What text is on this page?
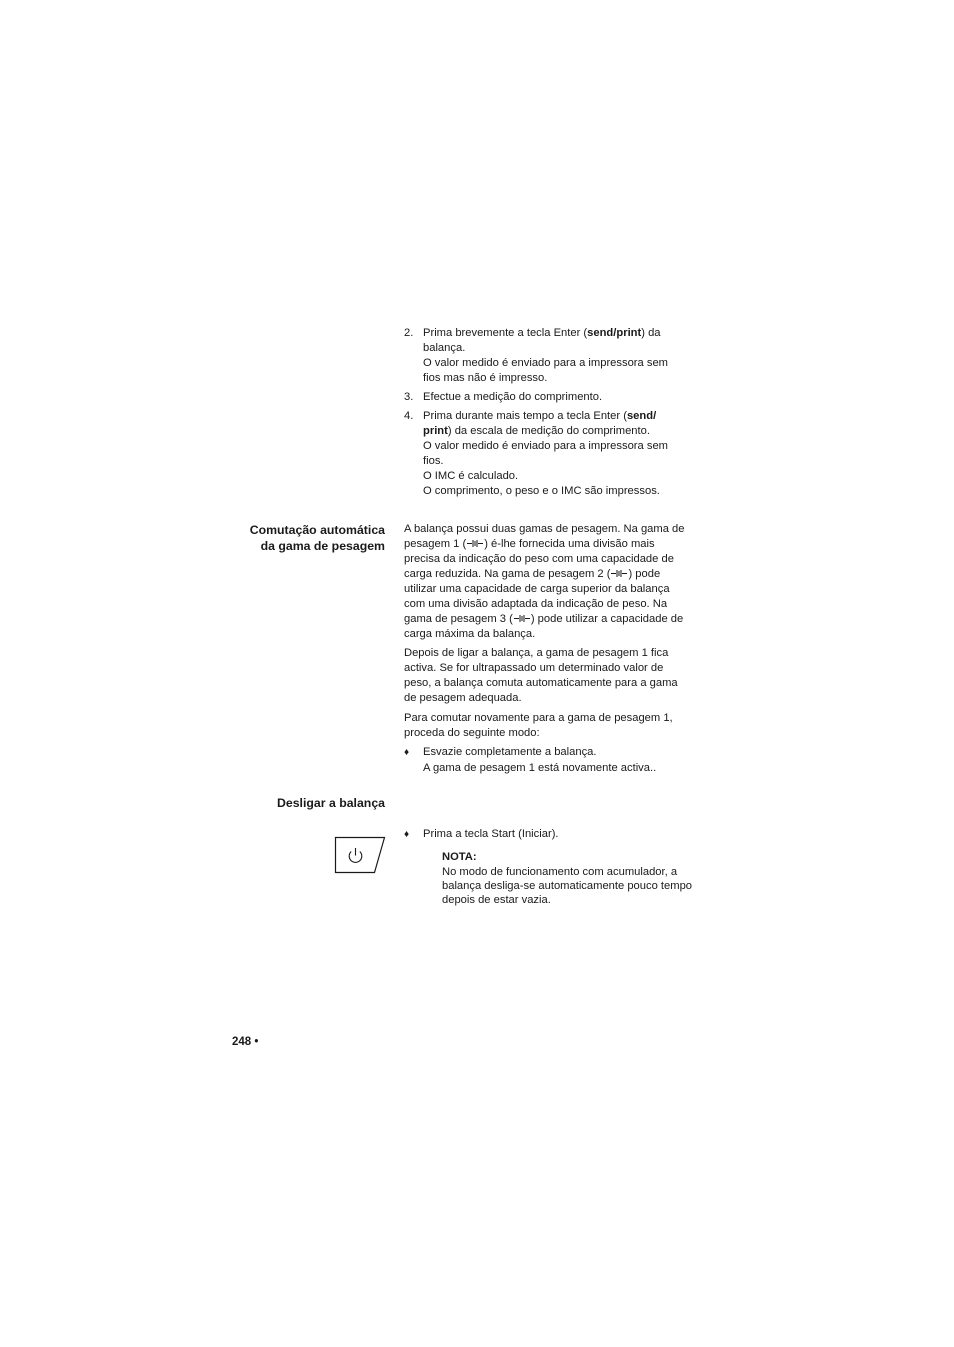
2. Prima brevemente a tecla Enter (send/print) da balança.
O valor medido é enviado para a impressora sem fios mas não é impresso.
3. Efectue a medição do comprimento.
4. Prima durante mais tempo a tecla Enter (send/ print) da escala de medição do comprimento.
O valor medido é enviado para a impressora sem fios.
O IMC é calculado.
O comprimento, o peso e o IMC são impressos.
Comutação automática
da gama de pesagem
A balança possui duas gamas de pesagem. Na gama de pesagem 1 ( ) é-lhe fornecida uma divisão mais precisa da indicação do peso com uma capacidade de carga reduzida. Na gama de pesagem 2 ( ) pode utilizar uma capacidade de carga superior da balança com uma divisão adaptada da indicação de peso. Na gama de pesagem 3 ( ) pode utilizar a capacidade de carga máxima da balança.
Depois de ligar a balança, a gama de pesagem 1 fica activa. Se for ultrapassado um determinado valor de peso, a balança comuta automaticamente para a gama de pesagem adequada.
Para comutar novamente para a gama de pesagem 1, proceda do seguinte modo:
♦ Esvazie completamente a balança.
A gama de pesagem 1 está novamente activa..
Desligar a balança
♦ Prima a tecla Start (Iniciar).
NOTA:
No modo de funcionamento com acumulador, a balança desliga-se automaticamente pouco tempo depois de estar vazia.
248 •
